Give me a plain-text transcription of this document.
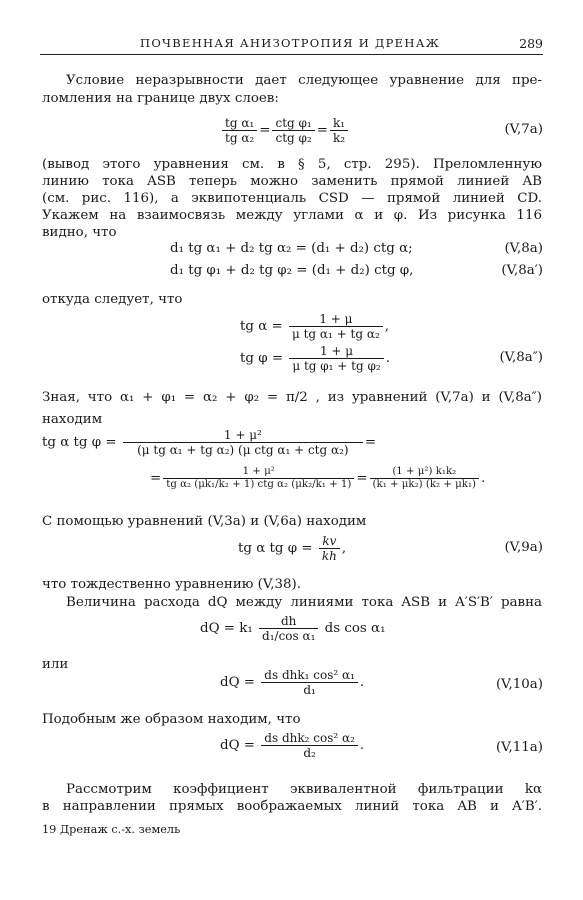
ПОЧВЕННАЯ АНИЗОТРОПИЯ И ДРЕНАЖ	289
Условие неразрывности дает следующее уравнение для пре-
ломления на границе двух слоев:
$\frac{\text{tg α₁}}{\text{tg α₂}} = \frac{\text{ctg φ₁}}{\text{ctg φ₂}} = \frac{\text{k₁}}{\text{k₂}}$	(V,7a)
(вывод этого уравнения см. в § 5, стр. 295). Преломленную
линию тока ASB теперь можно заменить прямой линией AB
(см. рис. 116), а эквипотенциаль CSD — прямой линией CD.
Укажем на взаимосвязь между углами α и φ. Из рисунка 116
видно, что
d₁ tg α₁ + d₂ tg α₂ = (d₁ + d₂) ctg α;	(V,8a)
d₁ tg φ₁ + d₂ tg φ₂ = (d₁ + d₂) ctg φ,	(V,8a′)
откуда следует, что
tg $\alpha = \frac{1 + \mu}{\text{μ tg α₁ + tg α₂}}$ ,
tg $\varphi = \frac{1 + \mu}{\text{μ tg φ₁ + tg φ₂}}$ .	(V,8a″)
Зная, что α₁ + φ₁ = α₂ + φ₂ = π/2 , из уравнений (V,7a) и (V,8a″)
находим
tg α tg $\varphi = \frac{\text{1 + μ²}}{\text{(μ tg α₁ + tg α₂) (μ ctg α₁ + ctg α₂)}}$ =
= $\frac{\text{1 + μ²}}{\text{tg α₂ (μk₁/k₂ + 1) ctg α₂ (μk₂/k₁ + 1)}} = \frac{\text{(1 + μ²) k₁k₂}}{\text{(k₁ + μk₂) (k₂ + μk₁)}}$ .
С помощью уравнений (V,3a) и (V,6a) находим
tg α tg $\varphi = \frac{kv}{kh}$ ,	(V,9a)
что тождественно уравнению (V,38).
Величина расхода dQ между линиями тока ASB и A′S′B′ равна
dQ = $k_1 \frac{dh}{\text{d₁/cos α₁}}$ ds cos α₁
или
dQ = $\frac{\text{ds dhk₁ cos² α₁}}{\text{d₁}}$ .	(V,10a)
Подобным же образом находим, что
dQ = $\frac{\text{ds dhk₂ cos² α₂}}{\text{d₂}}$ .	(V,11a)
Рассмотрим коэффициент эквивалентной фильтрации kα
в направлении прямых воображаемых линий тока AB и A′B′.
19 Дренаж с.-х. земель
